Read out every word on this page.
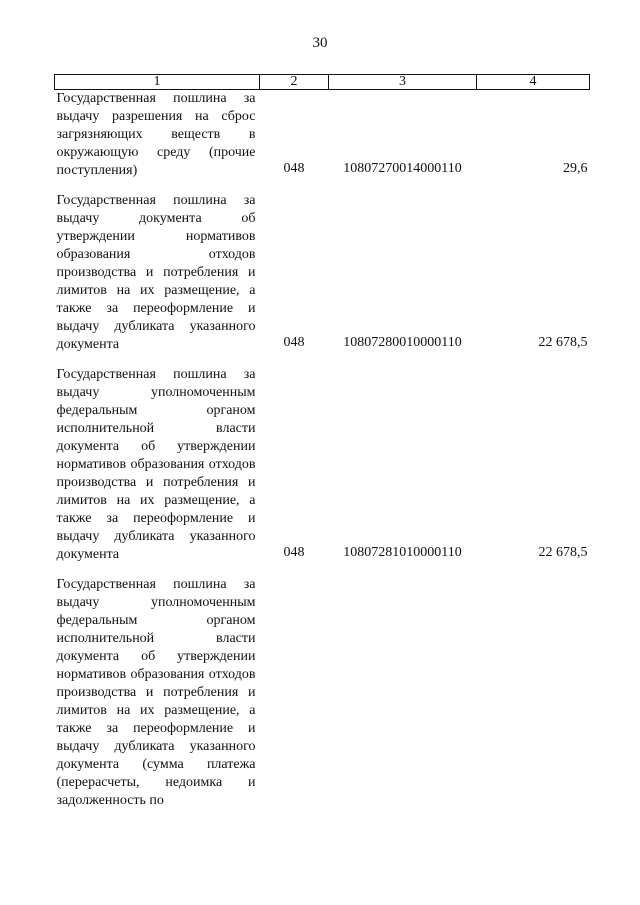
30
1	2	3	4
Государственная пошлина за выдачу разрешения на сброс загрязняющих веществ в окружающую среду (прочие поступления)	048	10807270014000110	29,6

Государственная пошлина за выдачу документа об утверждении нормативов образования отходов производства и потребления и лимитов на их размещение, а также за переоформление и выдачу дубликата указанного документа	048	10807280010000110	22 678,5

Государственная пошлина за выдачу уполномоченным федеральным органом исполнительной власти документа об утверждении нормативов образования отходов производства и потребления и лимитов на их размещение, а также за переоформление и выдачу дубликата указанного документа	048	10807281010000110	22 678,5

Государственная пошлина за выдачу уполномоченным федеральным органом исполнительной власти документа об утверждении нормативов образования отходов производства и потребления и лимитов на их размещение, а также за переоформление и выдачу дубликата указанного документа (сумма платежа (перерасчеты, недоимка и задолженность по			
